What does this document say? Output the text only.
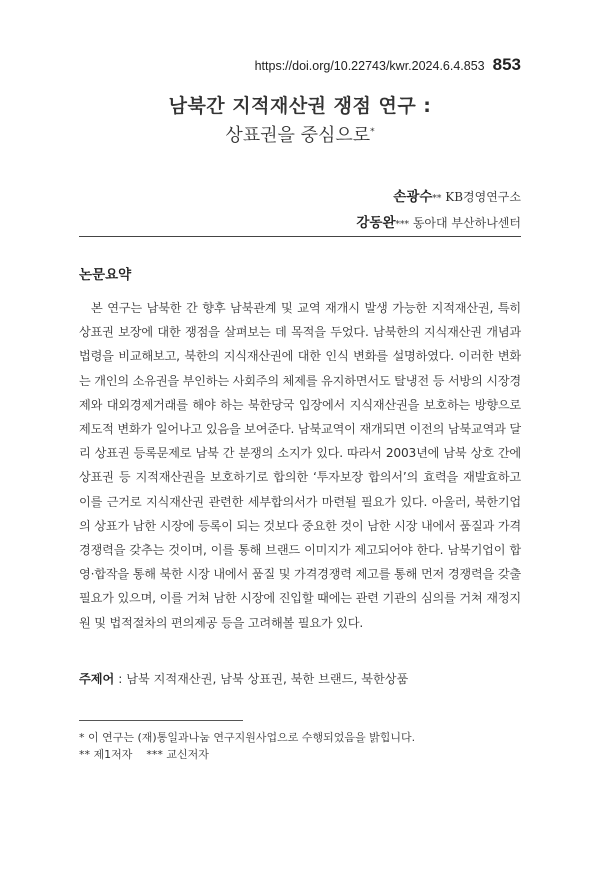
https://doi.org/10.22743/kwr.2024.6.4.853 853
남북간 지적재산권 쟁점 연구 :
상표권을 중심으로*
손광수** KB경영연구소
강동완*** 동아대 부산하나센터
논문요약
본 연구는 남북한 간 향후 남북관계 및 교역 재개시 발생 가능한 지적재산권, 특히 상표권 보장에 대한 쟁점을 살펴보는 데 목적을 두었다. 남북한의 지식재산권 개념과 법령을 비교해보고, 북한의 지식재산권에 대한 인식 변화를 설명하였다. 이러한 변화는 개인의 소유권을 부인하는 사회주의 체제를 유지하면서도 탈냉전 등 서방의 시장경제와 대외경제거래를 해야 하는 북한당국 입장에서 지식재산권을 보호하는 방향으로 제도적 변화가 일어나고 있음을 보여준다. 남북교역이 재개되면 이전의 남북교역과 달리 상표권 등록문제로 남북 간 분쟁의 소지가 있다. 따라서 2003년에 남북 상호 간에 상표권 등 지적재산권을 보호하기로 합의한 ‘투자보장 합의서’의 효력을 재발효하고 이를 근거로 지식재산권 관련한 세부합의서가 마련될 필요가 있다. 아울러, 북한기업의 상표가 남한 시장에 등록이 되는 것보다 중요한 것이 남한 시장 내에서 품질과 가격경쟁력을 갖추는 것이며, 이를 통해 브랜드 이미지가 제고되어야 한다. 남북기업이 합영·합작을 통해 북한 시장 내에서 품질 및 가격경쟁력 제고를 통해 먼저 경쟁력을 갖출 필요가 있으며, 이를 거쳐 남한 시장에 진입할 때에는 관련 기관의 심의를 거쳐 재정지원 및 법적절차의 편의제공 등을 고려해볼 필요가 있다.
주제어 : 남북 지적재산권, 남북 상표권, 북한 브랜드, 북한상품
* 이 연구는 (재)통일과나눔 연구지원사업으로 수행되었음을 밝힙니다.
** 제1저자 *** 교신저자
